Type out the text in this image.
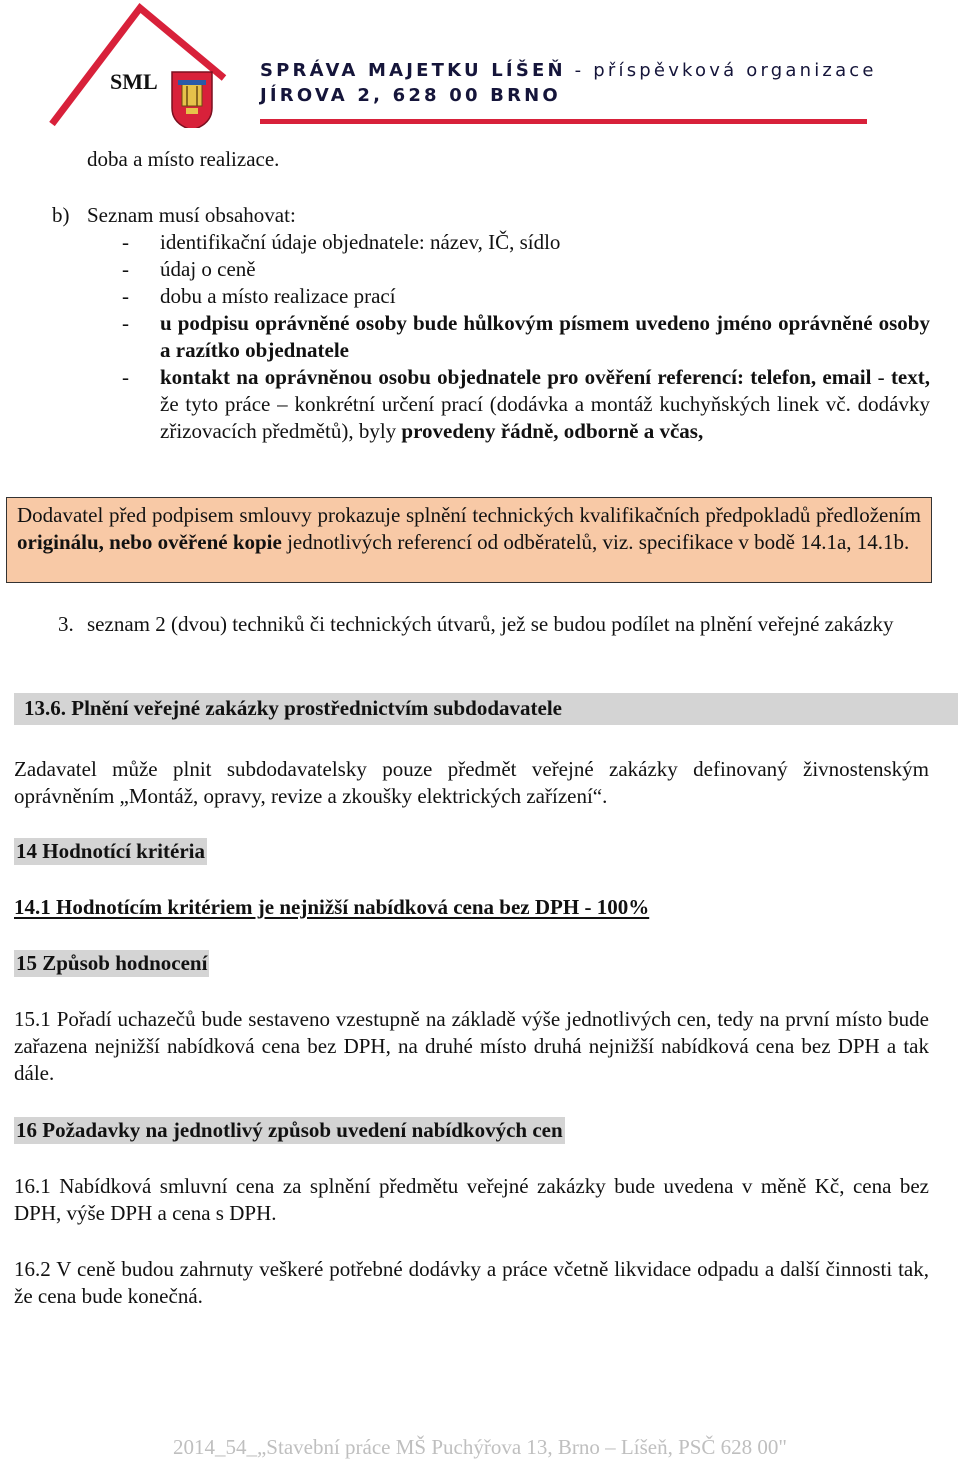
SML	SPRÁVA MAJETKU LÍŠEŇ - příspěvková organizace
JÍROVA 2, 628 00 BRNO
doba a místo realizace.
b) Seznam musí obsahovat:
- identifikační údaje objednatele: název, IČ, sídlo
- údaj o ceně
- dobu a místo realizace prací
- u podpisu oprávněné osoby bude hůlkovým písmem uvedeno jméno oprávněné osoby a razítko objednatele
- kontakt na oprávněnou osobu objednatele pro ověření referencí: telefon, email - text, že tyto práce – konkrétní určení prací (dodávka a montáž kuchyňských linek vč. dodávky zřizovacích předmětů), byly provedeny řádně, odborně a včas,
Dodavatel před podpisem smlouvy prokazuje splnění technických kvalifikačních předpokladů předložením originálu, nebo ověřené kopie jednotlivých referencí od odběratelů, viz. specifikace v bodě 14.1a, 14.1b.
3. seznam 2 (dvou) techniků či technických útvarů, jež se budou podílet na plnění veřejné zakázky
13.6. Plnění veřejné zakázky prostřednictvím subdodavatele
Zadavatel může plnit subdodavatelsky pouze předmět veřejné zakázky definovaný živnostenským oprávněním „Montáž, opravy, revize a zkoušky elektrických zařízení“.
14 Hodnotící kritéria
14.1 Hodnotícím kritériem je nejnižší nabídková cena bez DPH - 100%
15 Způsob hodnocení
15.1 Pořadí uchazečů bude sestaveno vzestupně na základě výše jednotlivých cen, tedy na první místo bude zařazena nejnižší nabídková cena bez DPH, na druhé místo druhá nejnižší nabídková cena bez DPH a tak dále.
16 Požadavky na jednotlivý způsob uvedení nabídkových cen
16.1 Nabídková smluvní cena za splnění předmětu veřejné zakázky bude uvedena v měně Kč, cena bez DPH, výše DPH a cena s DPH.
16.2 V ceně budou zahrnuty veškeré potřebné dodávky a práce včetně likvidace odpadu a další činnosti tak, že cena bude konečná.
2014_54_„Stavební práce MŠ Puchýřova 13, Brno – Líšeň, PSČ 628 00"
